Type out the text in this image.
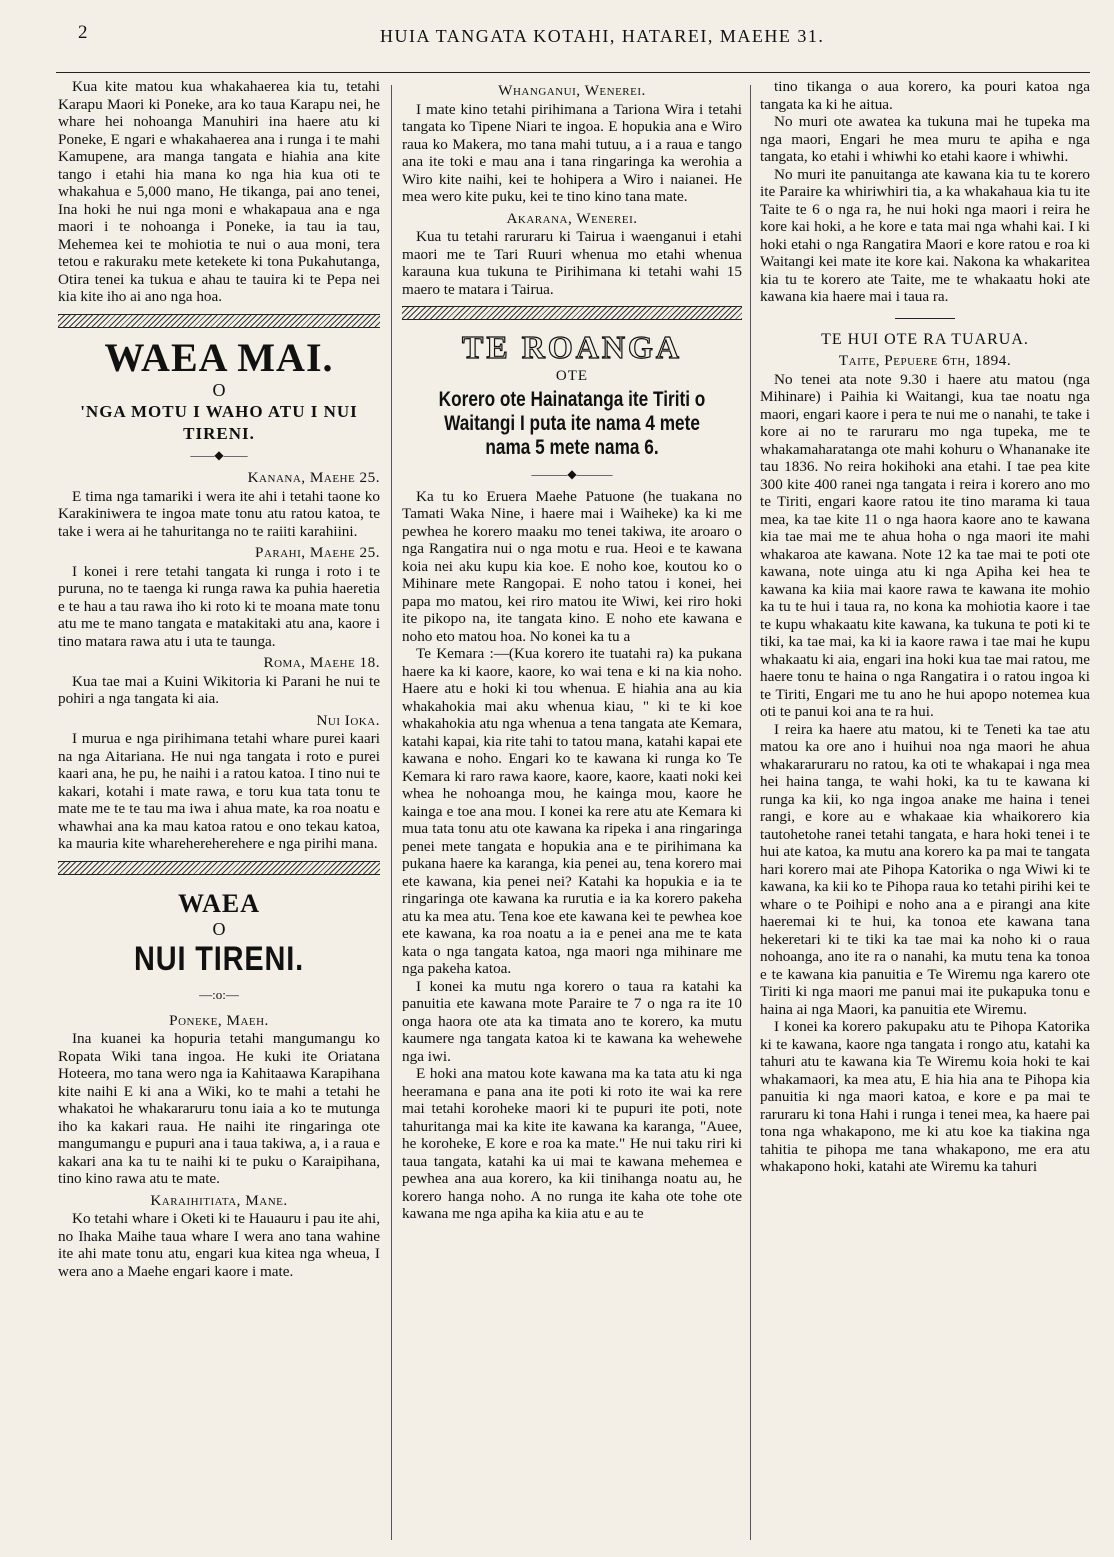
2	HUIA TANGATA KOTAHI, HATAREI, MAEHE 31.

Kua kite matou kua whakahaerea kia tu, tetahi Karapu Maori ki Poneke, ara ko taua Karapu nei, he whare hei nohoanga Manuhiri ina haere atu ki Poneke, E ngari e whakahaerea ana i runga i te mahi Kamupene, ara manga tangata e hiahia ana kite tango i etahi hia mana ko nga hia kua oti te whakahua e 5,000 mano, He tikanga, pai ano tenei, Ina hoki he nui nga moni e whakapaua ana e nga maori i te nohoanga i Poneke, ia tau ia tau, Mehemea kei te mohiotia te nui o aua moni, tera tetou e rakuraku mete ketekete ki tona Pukahutanga, Otira tenei ka tukua e ahau te tauira ki te Pepa nei kia kite iho ai ano nga hoa.

WAEA MAI.
O
'NGA MOTU I WAHO ATU I NUI TIRENI.
——◆——
Kanana, Maehe 25.

E tima nga tamariki i wera ite ahi i tetahi taone ko Karakiniwera te ingoa mate tonu atu ratou katoa, te take i wera ai he tahuritanga no te raiiti karahiini.

Parahi, Maehe 25.

I konei i rere tetahi tangata ki runga i roto i te puruna, no te taenga ki runga rawa ka puhia haeretia e te hau a tau rawa iho ki roto ki te moana mate tonu atu me te mano tangata e matakitaki atu ana, kaore i tino matara rawa atu i uta te taunga.

Roma, Maehe 18.

Kua tae mai a Kuini Wikitoria ki Parani he nui te pohiri a nga tangata ki aia.

Nui Ioka.

I murua e nga pirihimana tetahi whare purei kaari na nga Aitariana. He nui nga tangata i roto e purei kaari ana, he pu, he naihi i a ratou katoa. I tino nui te kakari, kotahi i mate rawa, e toru kua tata tonu te mate me te te tau ma iwa i ahua mate, ka roa noatu e whawhai ana ka mau katoa ratou e ono tekau katoa, ka mauria kite wharehereherehere e nga pirihi mana.

WAEA
O
NUI TIRENI.
—:o:—
Poneke, Maeh.

Ina kuanei ka hopuria tetahi mangumangu ko Ropata Wiki tana ingoa. He kuki ite Oriatana Hoteera, mo tana wero nga ia Kahitaawa Karapihana kite naihi E ki ana a Wiki, ko te mahi a tetahi he whakatoi he whakararuru tonu iaia a ko te mutunga iho ka kakari raua. He naihi ite ringaringa ote mangumangu e pupuri ana i taua takiwa, a, i a raua e kakari ana ka tu te naihi ki te puku o Karaipihana, tino kino rawa atu te mate.

Karaihitiata, Mane.

Ko tetahi whare i Oketi ki te Hauauru i pau ite ahi, no Ihaka Maihe taua whare I wera ano tana wahine ite ahi mate tonu atu, engari kua kitea nga wheua, I wera ano a Maehe engari kaore i mate.

Whanganui, Wenerei.

I mate kino tetahi pirihimana a Tariona Wira i tetahi tangata ko Tipene Niari te ingoa. E hopukia ana e Wiro raua ko Makera, mo tana mahi tutuu, a i a raua e tango ana ite toki e mau ana i tana ringaringa ka werohia a Wiro kite naihi, kei te hohipera a Wiro i naianei. He mea wero kite puku, kei te tino kino tana mate.

Akarana, Wenerei.

Kua tu tetahi raruraru ki Tairua i waenganui i etahi maori me te Tari Ruuri whenua mo etahi whenua karauna kua tukuna te Pirihimana ki tetahi wahi 15 maero te matara i Tairua.

TE ROANGA
OTE
Korero ote Hainatanga ite Tiriti o Waitangi I puta ite nama 4 mete nama 5 mete nama 6.
———◆———

Ka tu ko Eruera Maehe Patuone (he tuakana no Tamati Waka Nine, i haere mai i Waiheke) ka ki me pewhea he korero maaku mo tenei takiwa, ite aroaro o nga Rangatira nui o nga motu e rua. Heoi e te kawana koia nei aku kupu kia koe. E noho koe, koutou ko o Mihinare mete Rangopai. E noho tatou i konei, hei papa mo matou, kei riro matou ite Wiwi, kei riro hoki ite pikopo na, ite tangata kino. E noho ete kawana e noho eto matou hoa. No konei ka tu a

Te Kemara :—(Kua korero ite tuatahi ra) ka pukana haere ka ki kaore, kaore, ko wai tena e ki na kia noho. Haere atu e hoki ki tou whenua. E hiahia ana au kia whakahokia mai aku whenua kiau, " ki te ki koe whakahokia atu nga whenua a tena tangata ate Kemara, katahi kapai, kia rite tahi to tatou mana, katahi kapai ete kawana e noho. Engari ko te kawana ki runga ko Te Kemara ki raro rawa kaore, kaore, kaore, kaati noki kei whea he nohoanga mou, he kainga mou, kaore he kainga e toe ana mou. I konei ka rere atu ate Kemara ki mua tata tonu atu ote kawana ka ripeka i ana ringaringa penei mete tangata e hopukia ana e te pirihimana ka pukana haere ka karanga, kia penei au, tena korero mai ete kawana, kia penei nei? Katahi ka hopukia e ia te ringaringa ote kawana ka rurutia e ia ka korero pakeha atu ka mea atu. Tena koe ete kawana kei te pewhea koe ete kawana, ka roa noatu a ia e penei ana me te kata kata o nga tangata katoa, nga maori nga mihinare me nga pakeha katoa.

I konei ka mutu nga korero o taua ra katahi ka panuitia ete kawana mote Paraire te 7 o nga ra ite 10 onga haora ote ata ka timata ano te korero, ka mutu kaumere nga tangata katoa ki te kawana ka wehewehe nga iwi.

E hoki ana matou kote kawana ma ka tata atu ki nga heeramana e pana ana ite poti ki roto ite wai ka rere mai tetahi koroheke maori ki te pupuri ite poti, note tahuritanga mai ka kite ite kawana ka karanga, "Auee, he koroheke, E kore e roa ka mate." He nui taku riri ki taua tangata, katahi ka ui mai te kawana mehemea e pewhea ana aua korero, ka kii tinihanga noatu au, he korero hanga noho. A no runga ite kaha ote tohe ote kawana me nga apiha ka kiia atu e au te

tino tikanga o aua korero, ka pouri katoa nga tangata ka ki he aitua.

No muri ote awatea ka tukuna mai he tupeka ma nga maori, Engari he mea muru te apiha e nga tangata, ko etahi i whiwhi ko etahi kaore i whiwhi.

No muri ite panuitanga ate kawana kia tu te korero ite Paraire ka whiriwhiri tia, a ka whakahaua kia tu ite Taite te 6 o nga ra, he nui hoki nga maori i reira he kore kai hoki, a he kore e tata mai nga whahi kai. I ki hoki etahi o nga Rangatira Maori e kore ratou e roa ki Waitangi kei mate ite kore kai. Nakona ka whakaritea kia tu te korero ate Taite, me te whakaatu hoki ate kawana kia haere mai i taua ra.

TE HUI OTE RA TUARUA.
Taite, Pepuere 6th, 1894.

No tenei ata note 9.30 i haere atu matou (nga Mihinare) i Paihia ki Waitangi, kua tae noatu nga maori, engari kaore i pera te nui me o nanahi, te take i kore ai no te raruraru mo nga tupeka, me te whakamaharatanga ote mahi kohuru o Whananake ite tau 1836. No reira hokihoki ana etahi. I tae pea kite 300 kite 400 ranei nga tangata i reira i korero ano mo te Tiriti, engari kaore ratou ite tino marama ki taua mea, ka tae kite 11 o nga haora kaore ano te kawana kia tae mai me te ahua hoha o nga maori ite mahi whakaroa ate kawana. Note 12 ka tae mai te poti ote kawana, note uinga atu ki nga Apiha kei hea te kawana ka kiia mai kaore rawa te kawana ite mohio ka tu te hui i taua ra, no kona ka mohiotia kaore i tae te kupu whakaatu kite kawana, ka tukuna te poti ki te tiki, ka tae mai, ka ki ia kaore rawa i tae mai he kupu whakaatu ki aia, engari ina hoki kua tae mai ratou, me haere tonu te haina o nga Rangatira i o ratou ingoa ki te Tiriti, Engari me tu ano he hui apopo notemea kua oti te panui koi ana te ra hui.

I reira ka haere atu matou, ki te Teneti ka tae atu matou ka ore ano i huihui noa nga maori he ahua whakararuraru no ratou, ka oti te whakapai i nga mea hei haina tanga, te wahi hoki, ka tu te kawana ki runga ka kii, ko nga ingoa anake me haina i tenei rangi, e kore au e whakaae kia whaikorero kia tautohetohe ranei tetahi tangata, e hara hoki tenei i te hui ate katoa, ka mutu ana korero ka pa mai te tangata hari korero mai ate Pihopa Katorika o nga Wiwi ki te kawana, ka kii ko te Pihopa raua ko tetahi pirihi kei te whare o te Poihipi e noho ana a e pirangi ana kite haeremai ki te hui, ka tonoa ete kawana tana hekeretari ki te tiki ka tae mai ka noho ki o raua nohoanga, ano ite ra o nanahi, ka mutu tena ka tonoa e te kawana kia panuitia e Te Wiremu nga karero ote Tiriti ki nga maori me panui mai ite pukapuka tonu e haina ai nga Maori, ka panuitia ete Wiremu.

I konei ka korero pakupaku atu te Pihopa Katorika ki te kawana, kaore nga tangata i rongo atu, katahi ka tahuri atu te kawana kia Te Wiremu koia hoki te kai whakamaori, ka mea atu, E hia hia ana te Pihopa kia panuitia ki nga maori katoa, e kore e pa mai te raruraru ki tona Hahi i runga i tenei mea, ka haere pai tona nga whakapono, me ki atu koe ka tiakina nga tahitia te pihopa me tana whakapono, me era atu whakapono hoki, katahi ate Wiremu ka tahuri
